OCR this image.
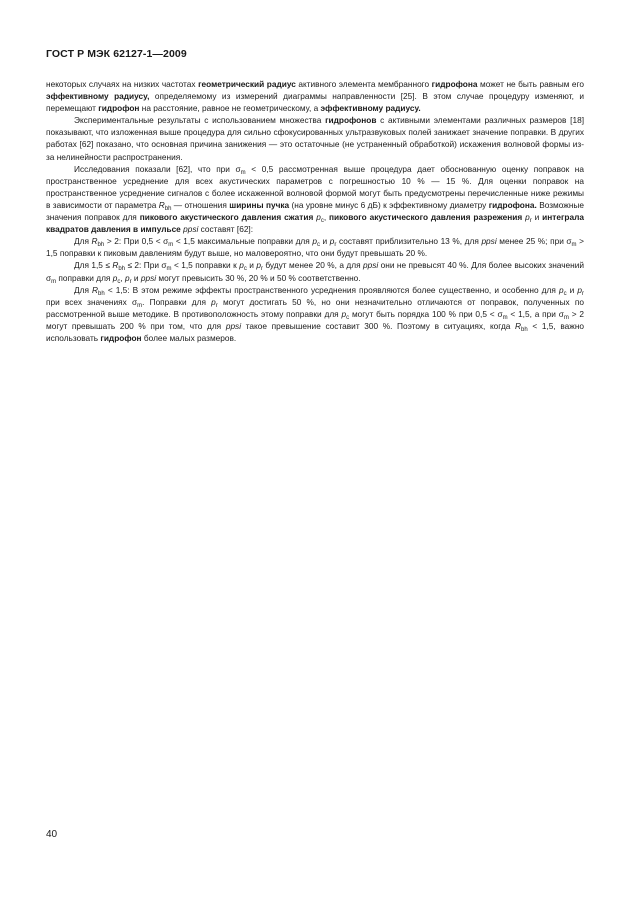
ГОСТ Р МЭК 62127-1—2009

некоторых случаях на низких частотах геометрический радиус активного элемента мембранного гидрофона может не быть равным его эффективному радиусу, определяемому из измерений диаграммы направленности [25]. В этом случае процедуру изменяют, и перемещают гидрофон на расстояние, равное не геометрическому, а эффективному радиусу.

Экспериментальные результаты с использованием множества гидрофонов с активными элементами различных размеров [18] показывают, что изложенная выше процедура для сильно сфокусированных ультразвуковых полей занижает значение поправки. В других работах [62] показано, что основная причина занижения — это остаточные (не устраненный обработкой) искажения волновой формы из-за нелинейности распространения.

Исследования показали [62], что при $\sigma_m < 0,5$ рассмотренная выше процедура дает обоснованную оценку поправок на пространственное усреднение для всех акустических параметров с погрешностью 10 % — 15 %. Для оценки поправок на пространственное усреднение сигналов с более искаженной волновой формой могут быть предусмотрены перечисленные ниже режимы в зависимости от параметра $R_{bh}$ — отношения ширины пучка (на уровне минус 6 дБ) к эффективному диаметру гидрофона. Возможные значения поправок для пикового акустического давления сжатия $p_c$, пикового акустического давления разрежения $p_r$ и интеграла квадратов давления в импульсе ppsi составят [62]:

Для $R_{bh} > 2$: При $0,5 < \sigma_m < 1,5$ максимальные поправки для $p_c$ и $p_r$ составят приблизительно 13 %, для ppsi менее 25 %; при $\sigma_m > 1,5$ поправки к пиковым давлениям будут выше, но маловероятно, что они будут превышать 20 %.

Для $1,5 \le R_{bh} \le 2$: При $\sigma_m < 1,5$ поправки к $p_c$ и $p_r$ будут менее 20 %, а для ppsi они не превысят 40 %. Для более высоких значений $\sigma_m$ поправки для $p_c$, $p_r$ и ppsi могут превысить 30 %, 20 % и 50 % соответственно.

Для $R_{bh} < 1,5$: В этом режиме эффекты пространственного усреднения проявляются более существенно, и особенно для $p_c$ и $p_r$ при всех значениях $\sigma_m$. Поправки для $p_r$ могут достигать 50 %, но они незначительно отличаются от поправок, полученных по рассмотренной выше методике. В противоположность этому поправки для $p_c$ могут быть порядка 100 % при $0,5 < \sigma_m < 1,5$, а при $\sigma_m > 2$ могут превышать 200 % при том, что для ppsi такое превышение составит 300 %. Поэтому в ситуациях, когда $R_{bh} < 1,5$, важно использовать гидрофон более малых размеров.

40
